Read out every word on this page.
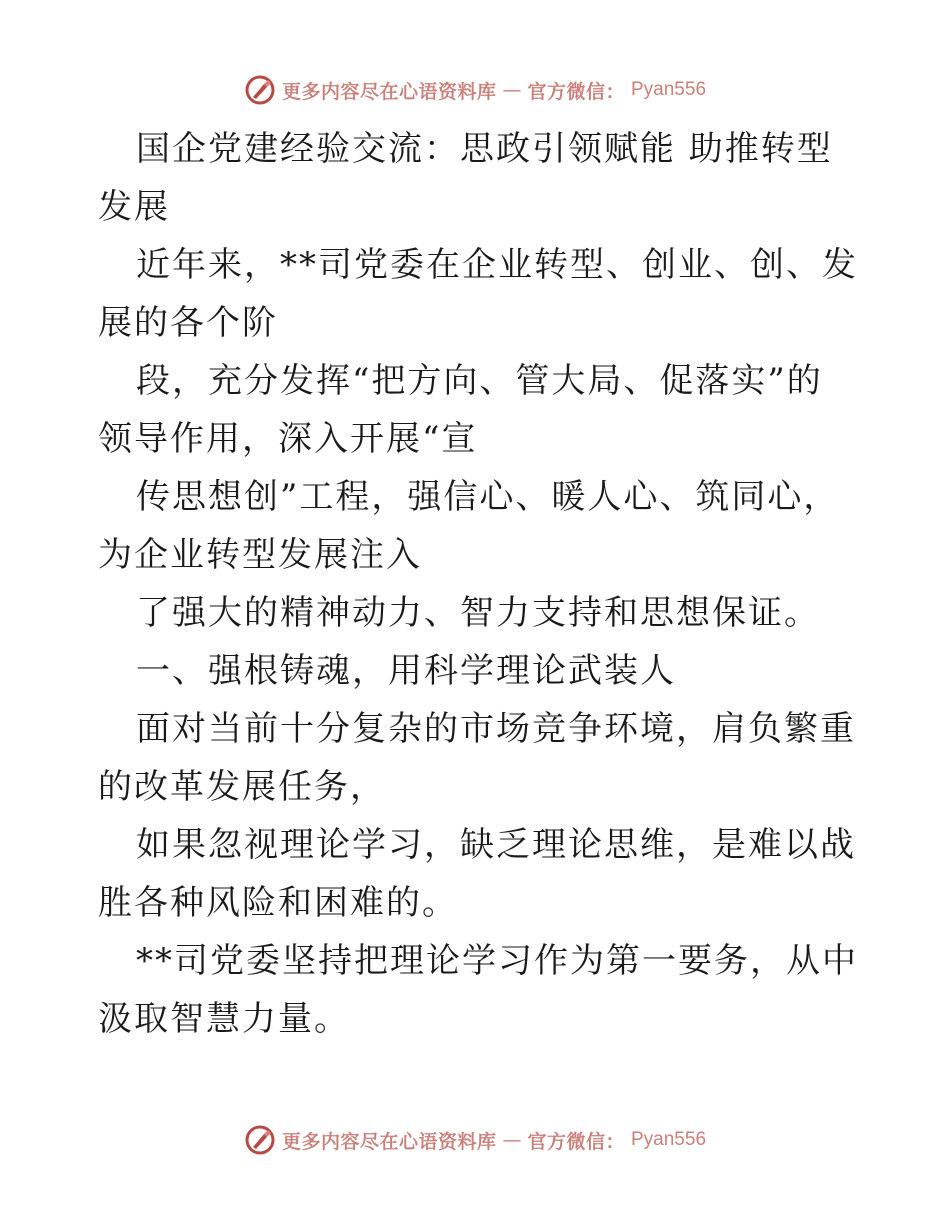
更多内容尽在心语资料库 — 官方微信： Pyan556

国企党建经验交流：思政引领赋能 助推转型发展

近年来，**司党委在企业转型、创业、创、发展的各个阶

段，充分发挥“把方向、管大局、促落实”的领导作用，深入开展“宣

传思想创”工程，强信心、暖人心、筑同心，为企业转型发展注入

了强大的精神动力、智力支持和思想保证。

一、强根铸魂，用科学理论武装人

面对当前十分复杂的市场竞争环境，肩负繁重的改革发展任务，

如果忽视理论学习，缺乏理论思维，是难以战胜各种风险和困难的。

**司党委坚持把理论学习作为第一要务，从中汲取智慧力量。

更多内容尽在心语资料库 — 官方微信： Pyan556
